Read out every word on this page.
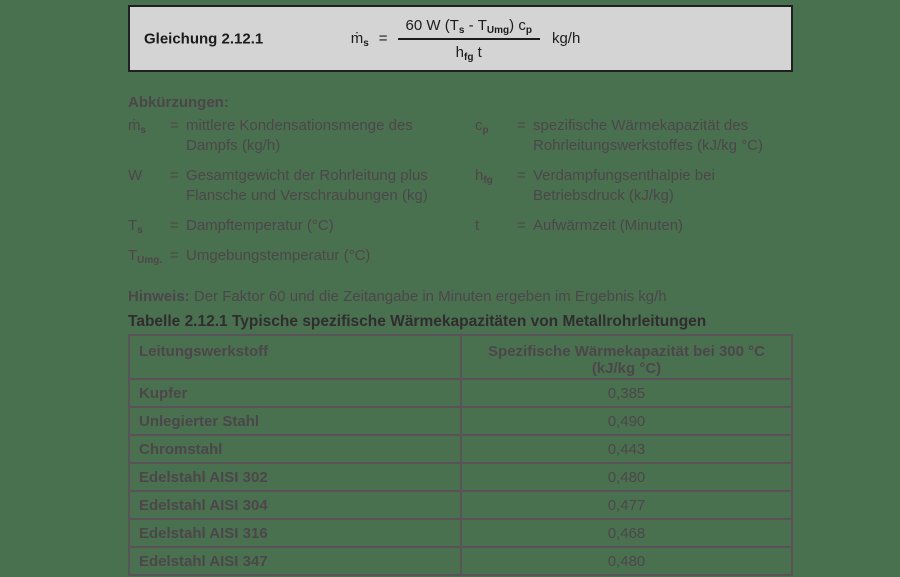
Gleichung 2.12.1	ṁ$_s$ = $\frac{60 W (T_s - T_{Umg}) c_p}{h_{fg} t} kg/h$
Abkürzungen:
ṁ$_s$	= mittlere Kondensationsmenge des Dampfs (kg/h)
W	= Gesamtgewicht der Rohrleitung plus Flansche und Verschraubungen (kg)
$T_s$	= Dampftemperatur (°C)
$T_{Umg.}$ = Umgebungstemperatur (°C)
$c_p$	= spezifische Wärmekapazität des Rohrleitungswerkstoffes (kJ/kg °C)
$h_{fg}$	= Verdampfungsenthalpie bei Betriebsdruck (kJ/kg)
t	= Aufwärmzeit (Minuten)
Hinweis: Der Faktor 60 und die Zeitangabe in Minuten ergeben im Ergebnis kg/h
Tabelle 2.12.1 Typische spezifische Wärmekapazitäten von Metallrohrleitungen
Leitungswerkstoff	Spezifische Wärmekapazität bei 300 °C
(kJ/kg °C)

Kupfer	0,385
Unlegierter Stahl	0,490
Chromstahl	0,443
Edelstahl AISI 302	0,480
Edelstahl AISI 304	0,477
Edelstahl AISI 316	0,468
Edelstahl AISI 347	0,480
